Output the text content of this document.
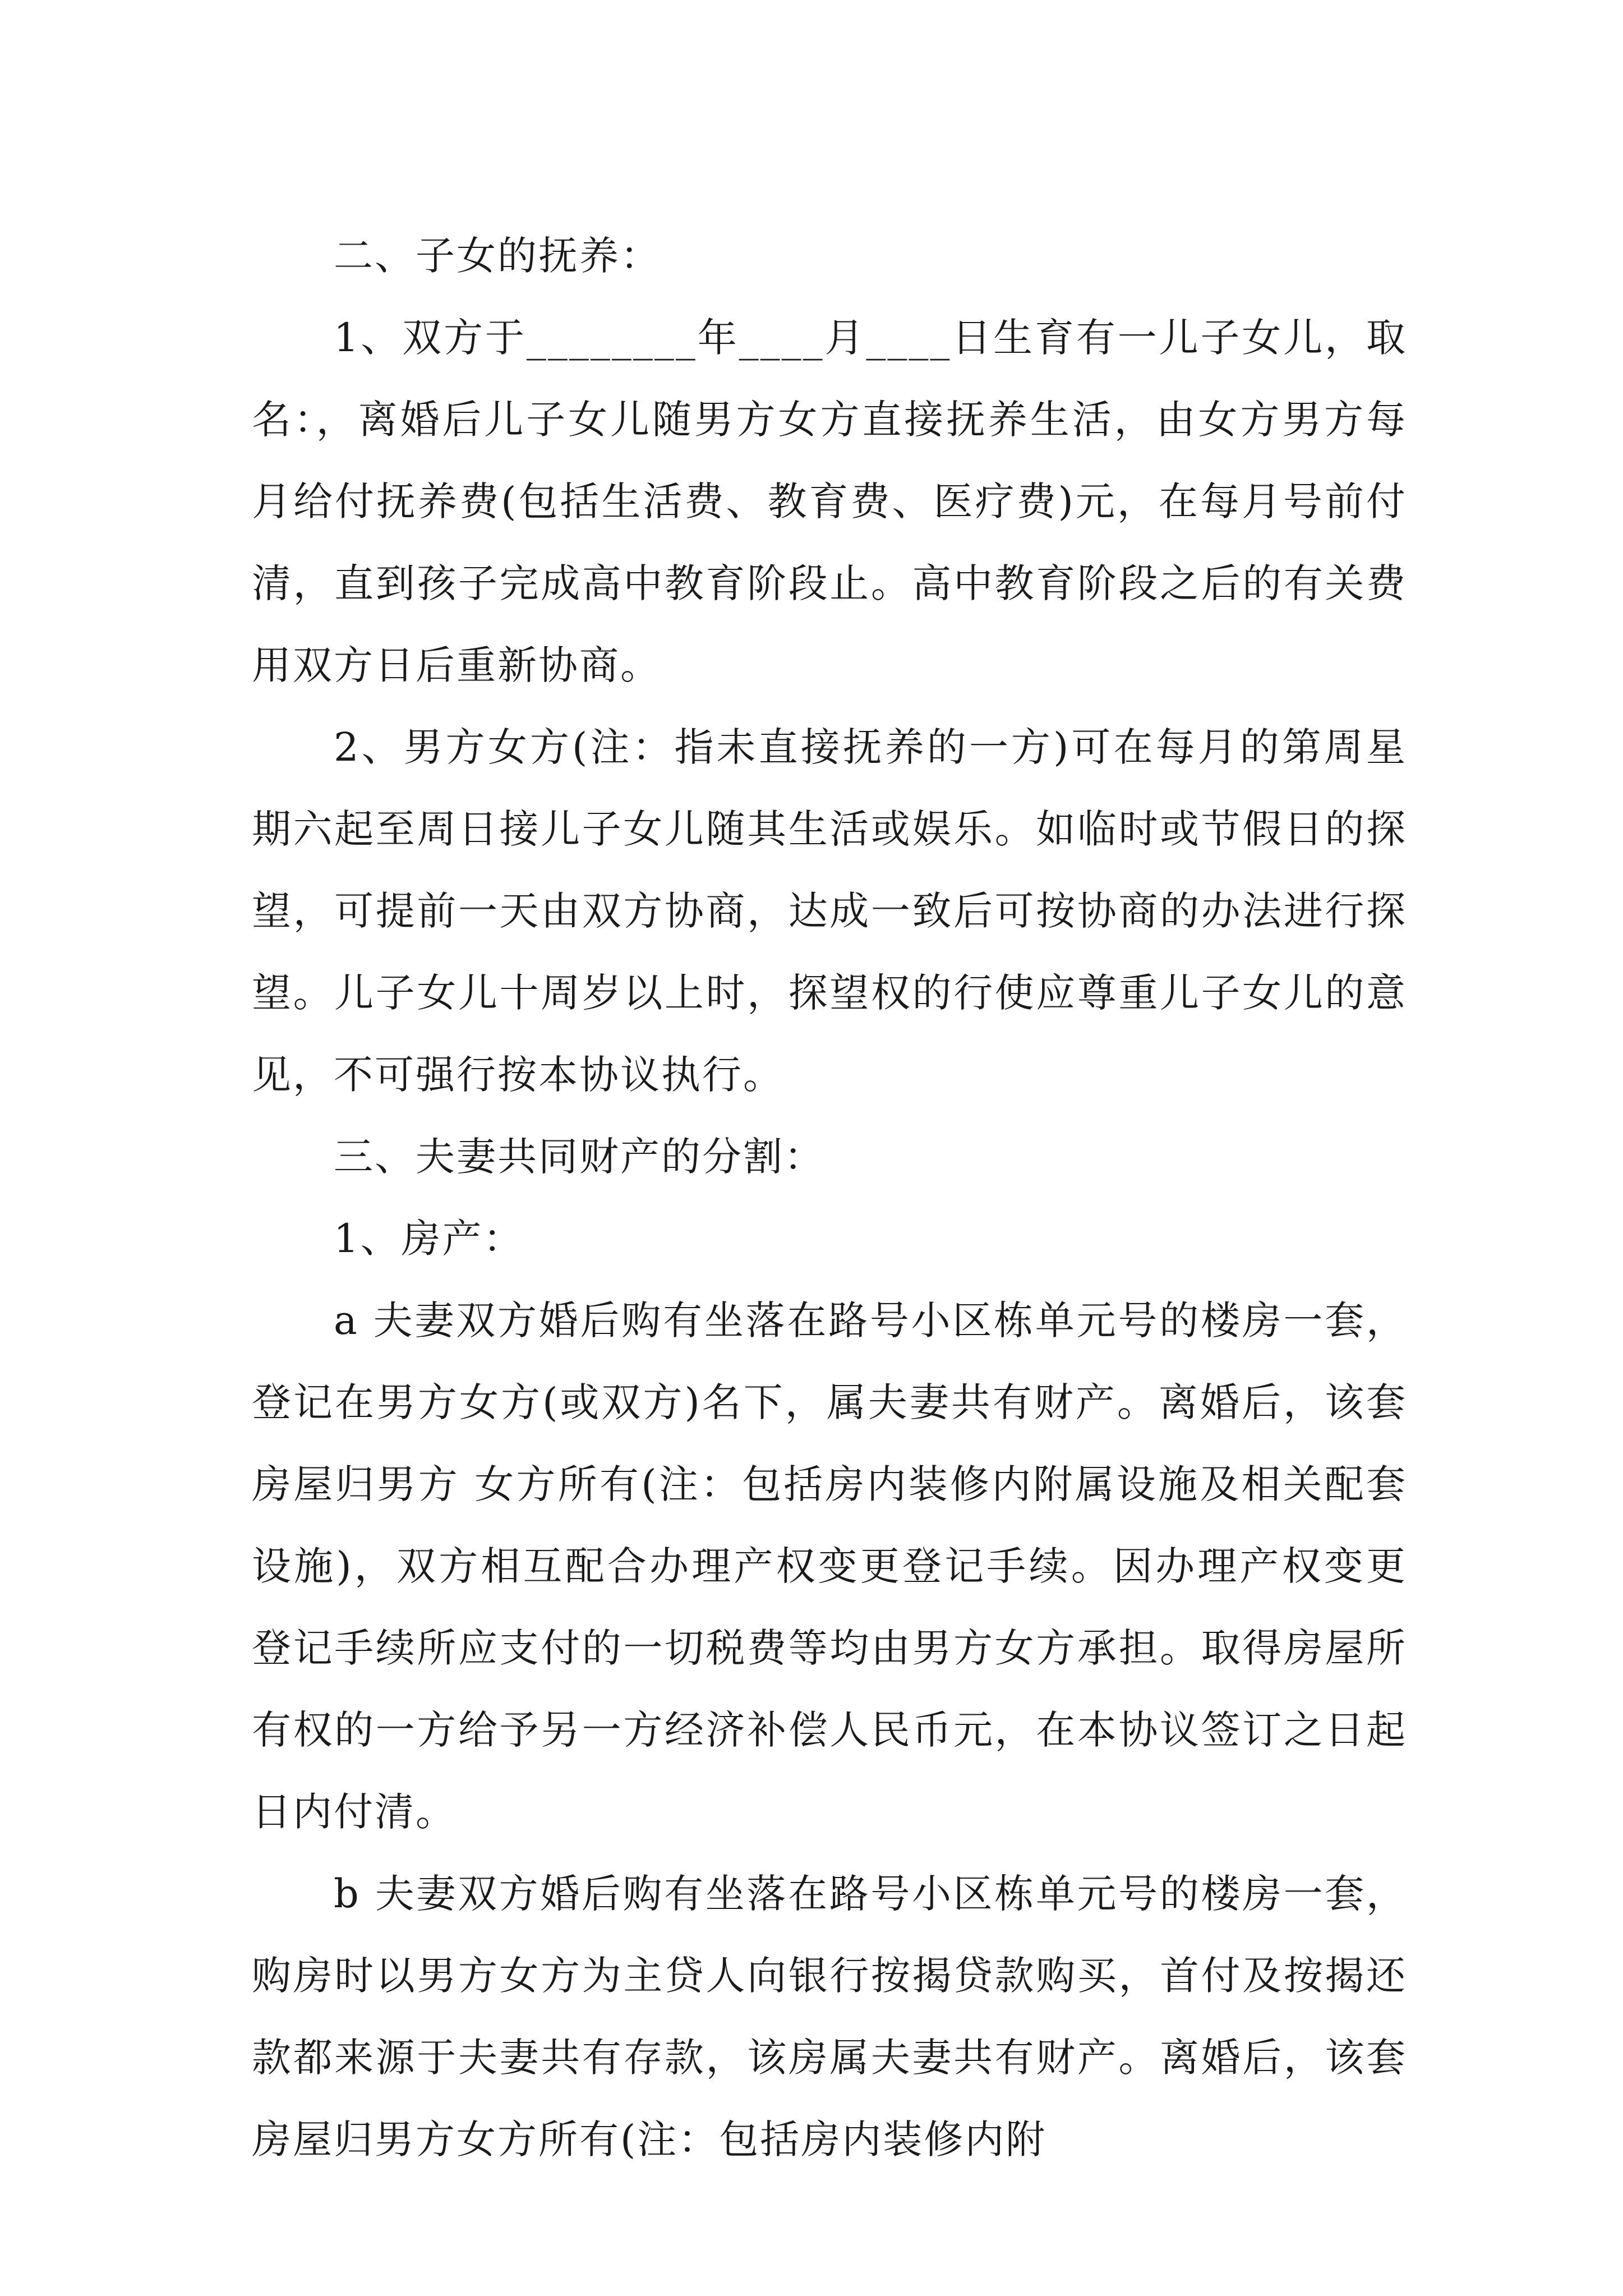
二、子女的抚养：

1、双方于________年____月____日生育有一儿子女儿，取名：，离婚后儿子女儿随男方女方直接抚养生活，由女方男方每月给付抚养费(包括生活费、教育费、医疗费)元，在每月号前付清，直到孩子完成高中教育阶段止。高中教育阶段之后的有关费用双方日后重新协商。

2、男方女方(注：指未直接抚养的一方)可在每月的第周星期六起至周日接儿子女儿随其生活或娱乐。如临时或节假日的探望，可提前一天由双方协商，达成一致后可按协商的办法进行探望。儿子女儿十周岁以上时，探望权的行使应尊重儿子女儿的意见，不可强行按本协议执行。

三、夫妻共同财产的分割：

1、房产：

a 夫妻双方婚后购有坐落在路号小区栋单元号的楼房一套，登记在男方女方(或双方)名下，属夫妻共有财产。离婚后，该套房屋归男方 女方所有(注：包括房内装修内附属设施及相关配套设施)，双方相互配合办理产权变更登记手续。因办理产权变更登记手续所应支付的一切税费等均由男方女方承担。取得房屋所有权的一方给予另一方经济补偿人民币元，在本协议签订之日起日内付清。

b 夫妻双方婚后购有坐落在路号小区栋单元号的楼房一套，购房时以男方女方为主贷人向银行按揭贷款购买，首付及按揭还款都来源于夫妻共有存款，该房属夫妻共有财产。离婚后，该套房屋归男方女方所有(注：包括房内装修内附
